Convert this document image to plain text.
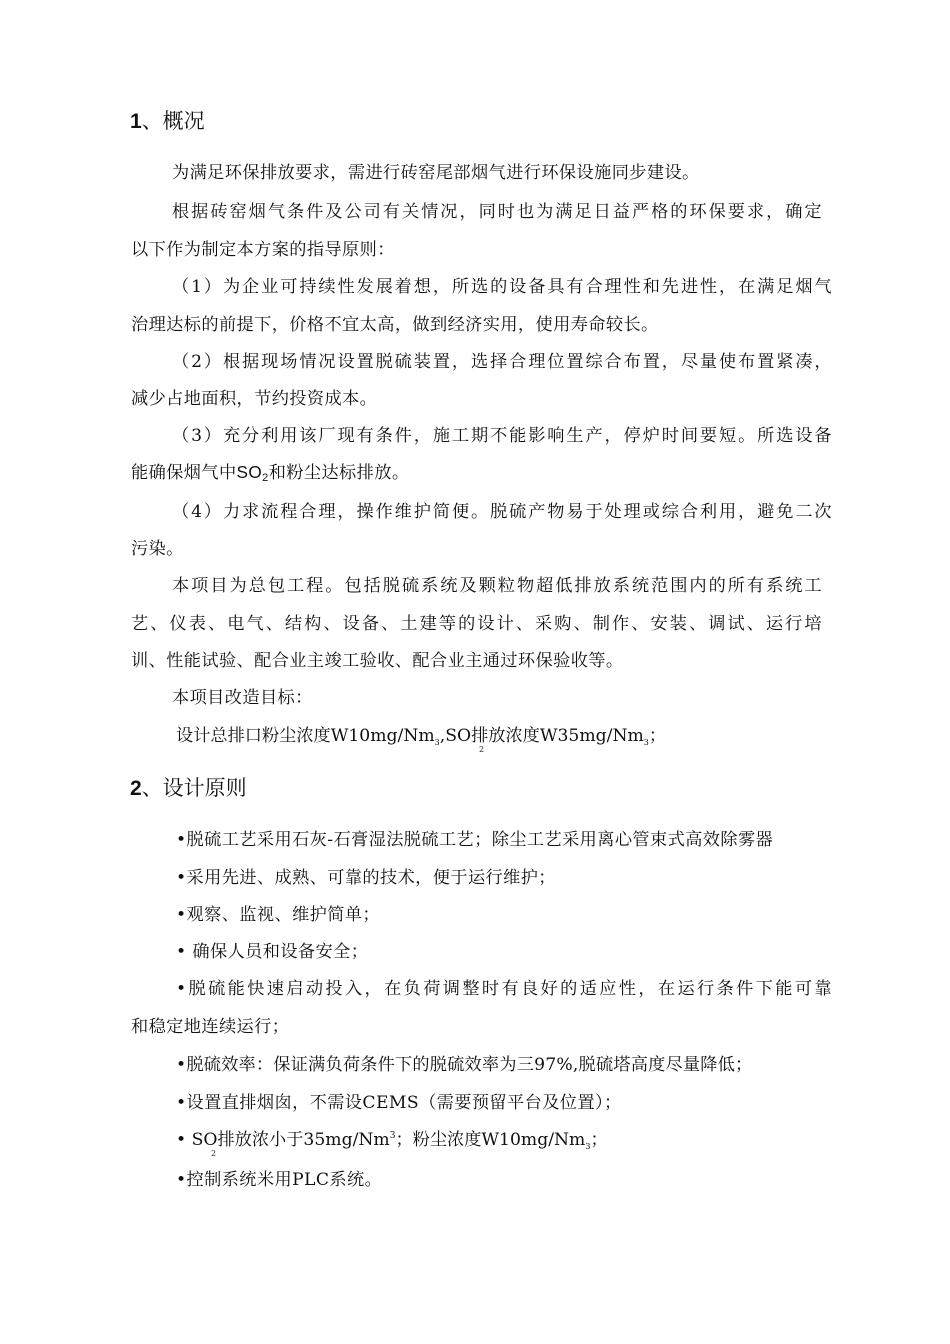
1、概况
为满足环保排放要求，需进行砖窑尾部烟气进行环保设施同步建设。
根据砖窑烟气条件及公司有关情况，同时也为满足日益严格的环保要求，确定
以下作为制定本方案的指导原则：
（1）为企业可持续性发展着想，所选的设备具有合理性和先进性，在满足烟气
治理达标的前提下，价格不宜太高，做到经济实用，使用寿命较长。
（2）根据现场情况设置脱硫装置，选择合理位置综合布置，尽量使布置紧凑，
减少占地面积，节约投资成本。
（3）充分利用该厂现有条件，施工期不能影响生产，停炉时间要短。所选设备
能确保烟气中$SO_2$和粉尘达标排放。
（4）力求流程合理，操作维护简便。脱硫产物易于处理或综合利用，避免二次
污染。
本项目为总包工程。包括脱硫系统及颗粒物超低排放系统范围内的所有系统工
艺、仪表、电气、结构、设备、土建等的设计、采购、制作、安装、调试、运行培
训、性能试验、配合业主竣工验收、配合业主通过环保验收等。
本项目改造目标：
设计总排口粉尘浓度$W10mg/Nm_3,SO$排放浓度$W35mg/Nm_3$；
2
2、设计原则
•脱硫工艺采用石灰-石膏湿法脱硫工艺；除尘工艺采用离心管束式高效除雾器
•采用先进、成熟、可靠的技术，便于运行维护；
•观察、监视、维护简单；
• 确保人员和设备安全；
•脱硫能快速启动投入，在负荷调整时有良好的适应性，在运行条件下能可靠
和稳定地连续运行；
•脱硫效率：保证满负荷条件下的脱硫效率为三97%,脱硫塔高度尽量降低；
•设置直排烟囱，不需设CEMS（需要预留平台及位置）；
• SO排放浓小于35mg/Nm$^3$；粉尘浓度$W10mg/Nm_3$；
2
•控制系统米用PLC系统。
